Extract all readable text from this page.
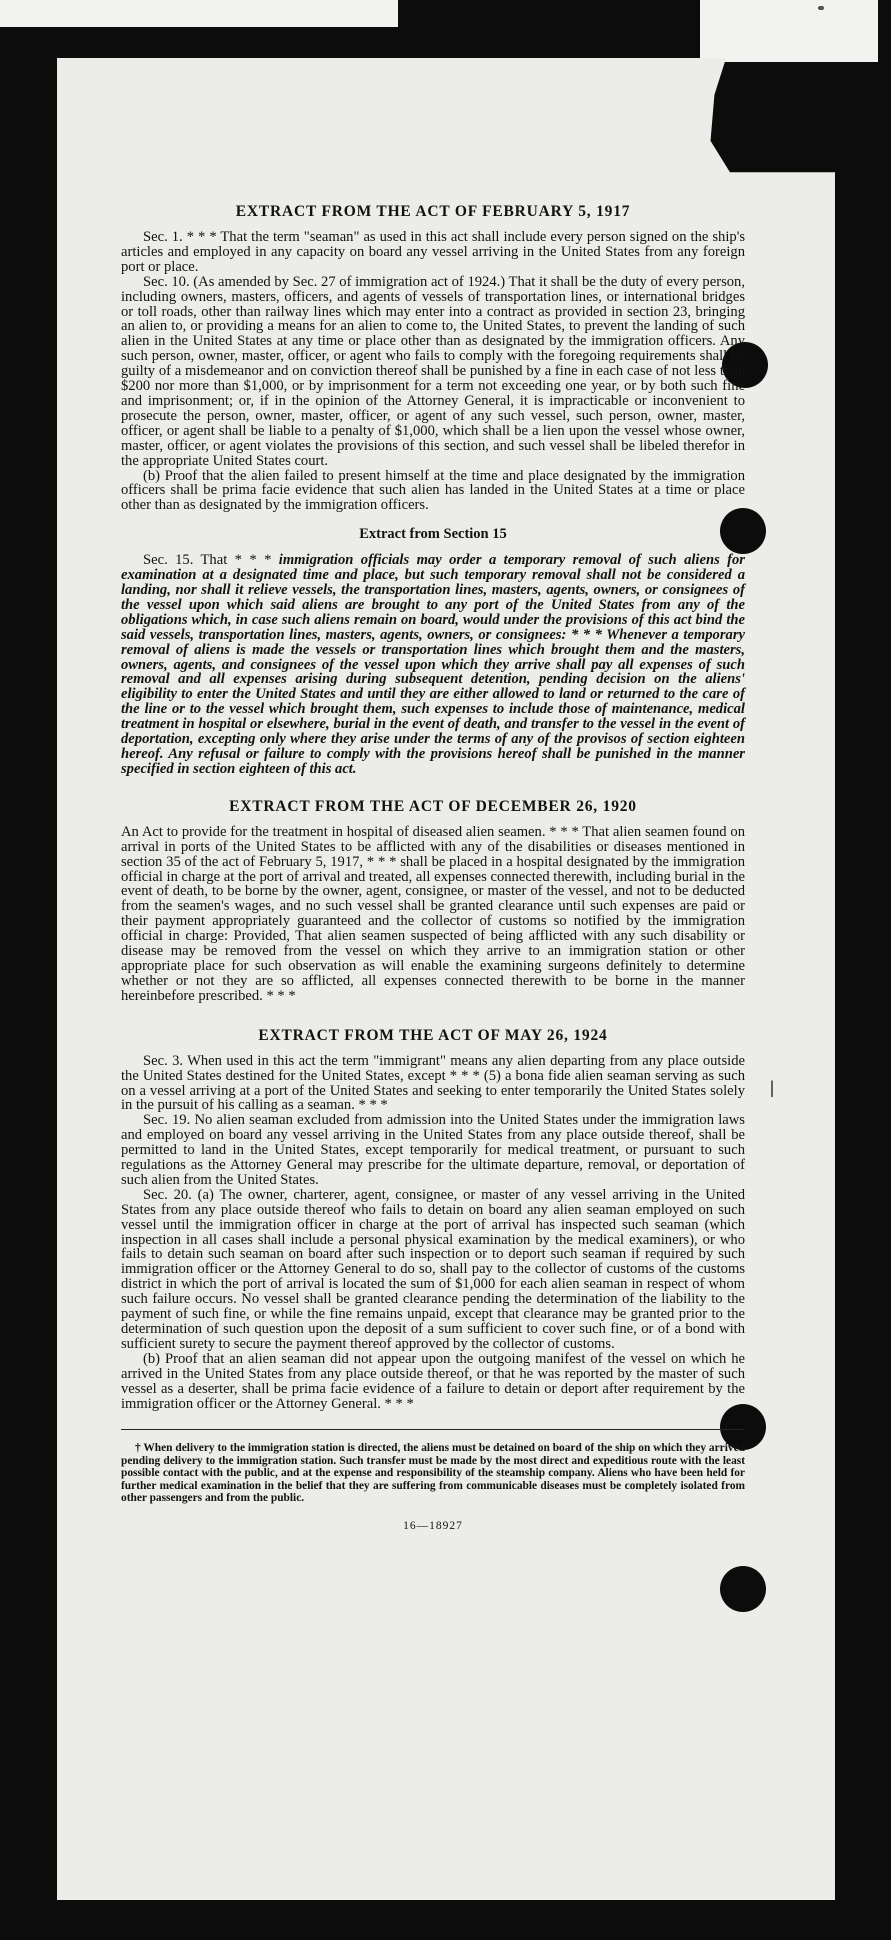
|
EXTRACT FROM THE ACT OF FEBRUARY 5, 1917

Sec. 1. * * * That the term "seaman" as used in this act shall include every person signed on the ship's articles and employed in any capacity on board any vessel arriving in the United States from any foreign port or place.

Sec. 10. (As amended by Sec. 27 of immigration act of 1924.) That it shall be the duty of every person, including owners, masters, officers, and agents of vessels of transportation lines, or international bridges or toll roads, other than railway lines which may enter into a contract as provided in section 23, bringing an alien to, or providing a means for an alien to come to, the United States, to prevent the landing of such alien in the United States at any time or place other than as designated by the immigration officers. Any such person, owner, master, officer, or agent who fails to comply with the foregoing requirements shall be guilty of a misdemeanor and on conviction thereof shall be punished by a fine in each case of not less than $200 nor more than $1,000, or by imprisonment for a term not exceeding one year, or by both such fine and imprisonment; or, if in the opinion of the Attorney General, it is impracticable or inconvenient to prosecute the person, owner, master, officer, or agent of any such vessel, such person, owner, master, officer, or agent shall be liable to a penalty of $1,000, which shall be a lien upon the vessel whose owner, master, officer, or agent violates the provisions of this section, and such vessel shall be libeled therefor in the appropriate United States court.

(b) Proof that the alien failed to present himself at the time and place designated by the immigration officers shall be prima facie evidence that such alien has landed in the United States at a time or place other than as designated by the immigration officers.

Extract from Section 15

Sec. 15. That * * * immigration officials may order a temporary removal of such aliens for examination at a designated time and place, but such temporary removal shall not be considered a landing, nor shall it relieve vessels, the transportation lines, masters, agents, owners, or consignees of the vessel upon which said aliens are brought to any port of the United States from any of the obligations which, in case such aliens remain on board, would under the provisions of this act bind the said vessels, transportation lines, masters, agents, owners, or consignees: * * * Whenever a temporary removal of aliens is made the vessels or transportation lines which brought them and the masters, owners, agents, and consignees of the vessel upon which they arrive shall pay all expenses of such removal and all expenses arising during subsequent detention, pending decision on the aliens' eligibility to enter the United States and until they are either allowed to land or returned to the care of the line or to the vessel which brought them, such expenses to include those of maintenance, medical treatment in hospital or elsewhere, burial in the event of death, and transfer to the vessel in the event of deportation, excepting only where they arise under the terms of any of the provisos of section eighteen hereof. Any refusal or failure to comply with the provisions hereof shall be punished in the manner specified in section eighteen of this act.

EXTRACT FROM THE ACT OF DECEMBER 26, 1920

An Act to provide for the treatment in hospital of diseased alien seamen. * * * That alien seamen found on arrival in ports of the United States to be afflicted with any of the disabilities or diseases mentioned in section 35 of the act of February 5, 1917, * * * shall be placed in a hospital designated by the immigration official in charge at the port of arrival and treated, all expenses connected therewith, including burial in the event of death, to be borne by the owner, agent, consignee, or master of the vessel, and not to be deducted from the seamen's wages, and no such vessel shall be granted clearance until such expenses are paid or their payment appropriately guaranteed and the collector of customs so notified by the immigration official in charge: Provided, That alien seamen suspected of being afflicted with any such disability or disease may be removed from the vessel on which they arrive to an immigration station or other appropriate place for such observation as will enable the examining surgeons definitely to determine whether or not they are so afflicted, all expenses connected therewith to be borne in the manner hereinbefore prescribed. * * *

EXTRACT FROM THE ACT OF MAY 26, 1924

Sec. 3. When used in this act the term "immigrant" means any alien departing from any place outside the United States destined for the United States, except * * * (5) a bona fide alien seaman serving as such on a vessel arriving at a port of the United States and seeking to enter temporarily the United States solely in the pursuit of his calling as a seaman. * * *

Sec. 19. No alien seaman excluded from admission into the United States under the immigration laws and employed on board any vessel arriving in the United States from any place outside thereof, shall be permitted to land in the United States, except temporarily for medical treatment, or pursuant to such regulations as the Attorney General may prescribe for the ultimate departure, removal, or deportation of such alien from the United States.

Sec. 20. (a) The owner, charterer, agent, consignee, or master of any vessel arriving in the United States from any place outside thereof who fails to detain on board any alien seaman employed on such vessel until the immigration officer in charge at the port of arrival has inspected such seaman (which inspection in all cases shall include a personal physical examination by the medical examiners), or who fails to detain such seaman on board after such inspection or to deport such seaman if required by such immigration officer or the Attorney General to do so, shall pay to the collector of customs of the customs district in which the port of arrival is located the sum of $1,000 for each alien seaman in respect of whom such failure occurs. No vessel shall be granted clearance pending the determination of the liability to the payment of such fine, or while the fine remains unpaid, except that clearance may be granted prior to the determination of such question upon the deposit of a sum sufficient to cover such fine, or of a bond with sufficient surety to secure the payment thereof approved by the collector of customs.

(b) Proof that an alien seaman did not appear upon the outgoing manifest of the vessel on which he arrived in the United States from any place outside thereof, or that he was reported by the master of such vessel as a deserter, shall be prima facie evidence of a failure to detain or deport after requirement by the immigration officer or the Attorney General. * * *

† When delivery to the immigration station is directed, the aliens must be detained on board of the ship on which they arrived pending delivery to the immigration station. Such transfer must be made by the most direct and expeditious route with the least possible contact with the public, and at the expense and responsibility of the steamship company. Aliens who have been held for further medical examination in the belief that they are suffering from communicable diseases must be completely isolated from other passengers and from the public.

16—18927
